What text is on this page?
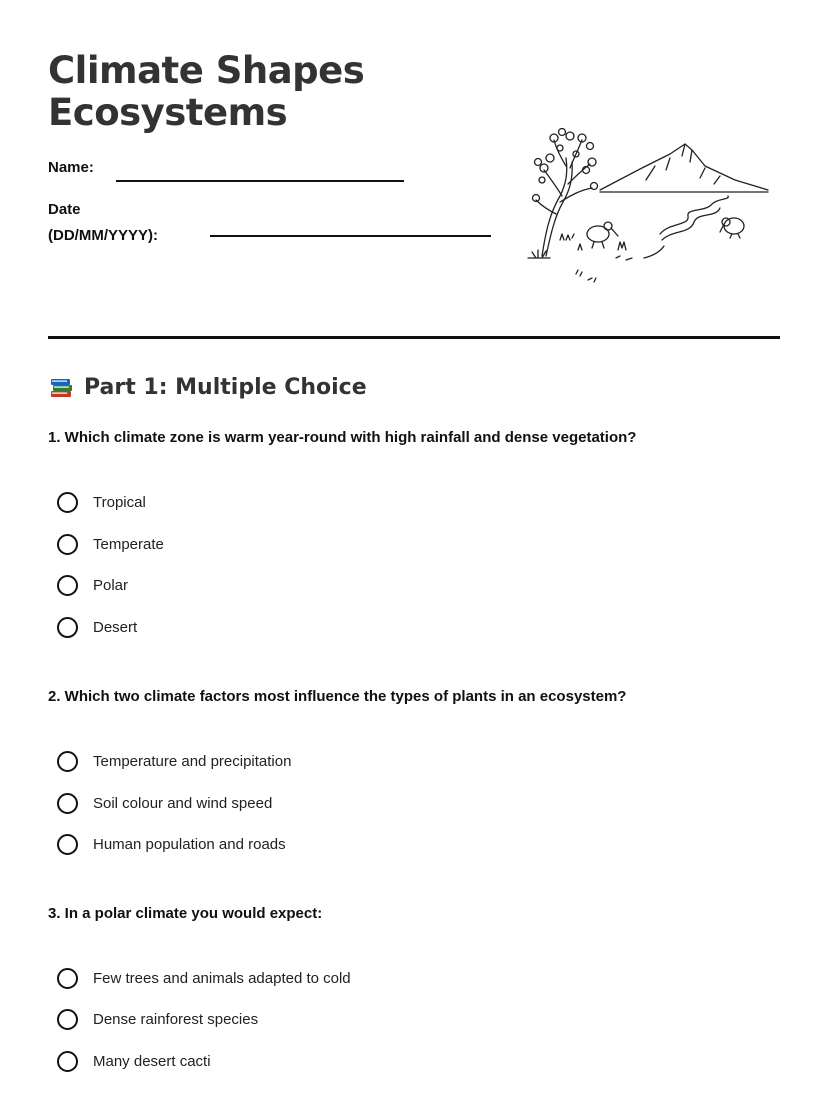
Climate Shapes
Ecosystems
Name:
Date
(DD/MM/YYYY):
Part 1: Multiple Choice
1. Which climate zone is warm year-round with high rainfall and dense vegetation?
Tropical
Temperate
Polar
Desert
2. Which two climate factors most influence the types of plants in an ecosystem?
Temperature and precipitation
Soil colour and wind speed
Human population and roads
3. In a polar climate you would expect:
Few trees and animals adapted to cold
Dense rainforest species
Many desert cacti
